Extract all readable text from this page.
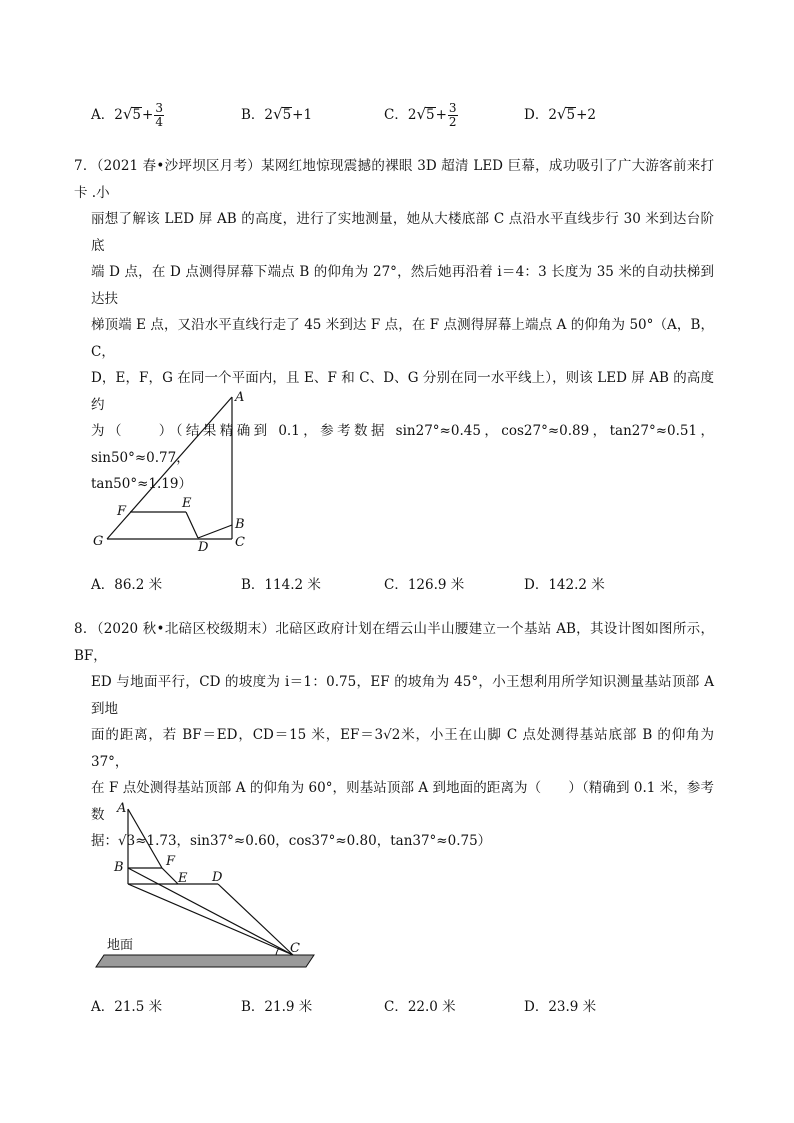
A．$2√5+ \frac{3}{4}$	B．2√5+1	C．$2√5+ \frac{3}{2}$	D．2√5+2

7．（2021 春•沙坪坝区月考）某网红地惊现震撼的裸眼 3D 超清 LED 巨幕，成功吸引了广大游客前来打卡 .小

丽想了解该 LED 屏 AB 的高度，进行了实地测量，她从大楼底部 C 点沿水平直线步行 30 米到达台阶底

端 D 点，在 D 点测得屏幕下端点 B 的仰角为 27°，然后她再沿着 i＝4：3 长度为 35 米的自动扶梯到达扶

梯顶端 E 点，又沿水平直线行走了 45 米到达 F 点，在 F 点测得屏幕上端点 A 的仰角为 50°（A，B，C，

D，E，F，G 在同一个平面内，且 E、F 和 C、D、G 分别在同一水平线上），则该 LED 屏 AB 的高度约

为（　　）（结果精确到 0.1，参考数据 sin27°≈0.45，cos27°≈0.89，tan27°≈0.51，sin50°≈0.77，

tan50°≈1.19）

A
B
C
D
E
F
G
A．86.2 米	B．114.2 米	C．126.9 米	D．142.2 米

8．（2020 秋•北碚区校级期末）北碚区政府计划在缙云山半山腰建立一个基站 AB，其设计图如图所示，BF，

ED 与地面平行，CD 的坡度为 i＝1：0.75，EF 的坡角为 45°，小王想利用所学知识测量基站顶部 A 到地

面的距离，若 BF＝ED，CD＝15 米，EF＝3√2米，小王在山脚 C 点处测得基站底部 B 的仰角为 37°，

在 F 点处测得基站顶部 A 的仰角为 60°，则基站顶部 A 到地面的距离为（　　）（精确到 0.1 米，参考数

据：√3≈1.73，sin37°≈0.60，cos37°≈0.80，tan37°≈0.75）

A
B	F
E D
C
地面
A．21.5 米	B．21.9 米	C．22.0 米	D．23.9 米
